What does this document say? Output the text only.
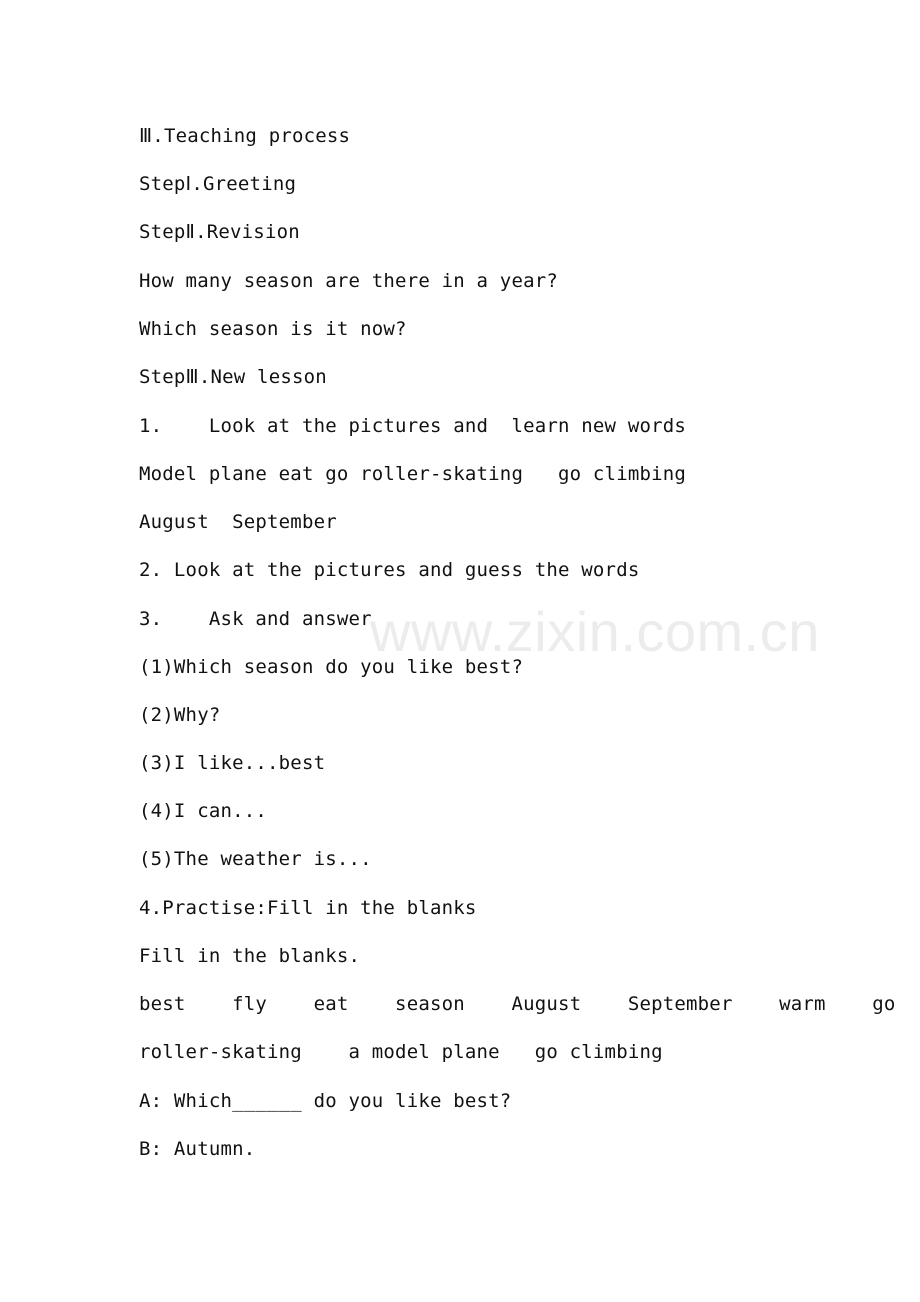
www.zixin.com.cn

Ⅲ.Teaching process

StepⅠ.Greeting

StepⅡ.Revision

How many season are there in a year?

Which season is it now?

StepⅢ.New lesson

1.    Look at the pictures and  learn new words

Model plane eat go roller-skating   go climbing

August  September

2. Look at the pictures and guess the words

3.    Ask and answer

(1)Which season do you like best?

(2)Why?

(3)I like...best

(4)I can...

(5)The weather is...

4.Practise:Fill in the blanks

Fill in the blanks.

best    fly    eat    season    August    September    warm    go

roller-skating    a model plane   go climbing

A: Which______ do you like best?

B: Autumn.
